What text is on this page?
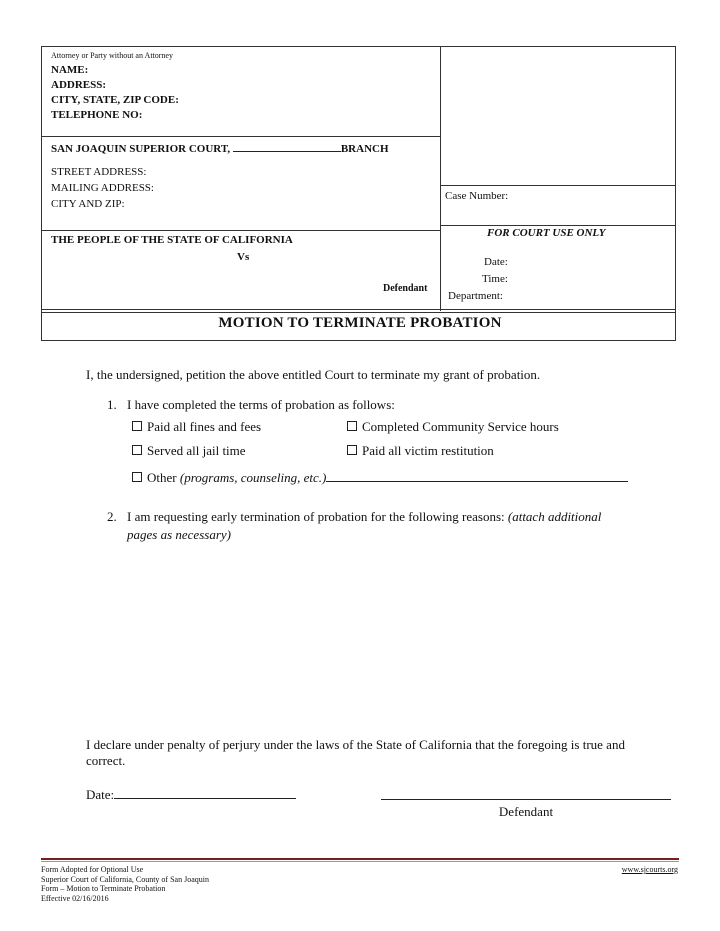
Attorney or Party without an Attorney
NAME:
ADDRESS:
CITY, STATE, ZIP CODE:
TELEPHONE NO:
SAN JOAQUIN SUPERIOR COURT,	BRANCH
STREET ADDRESS:
MAILING ADDRESS:
CITY AND ZIP:
Case Number:
FOR COURT USE ONLY
Date:
Time:
Department:
THE PEOPLE OF THE STATE OF CALIFORNIA
Vs
Defendant
MOTION TO TERMINATE PROBATION
I, the undersigned, petition the above entitled Court to terminate my grant of probation.
1. I have completed the terms of probation as follows:
Paid all fines and fees	Completed Community Service hours
Served all jail time	Paid all victim restitution
Other (programs, counseling, etc.)
2. I am requesting early termination of probation for the following reasons: (attach additional
pages as necessary)
I declare under penalty of perjury under the laws of the State of California that the foregoing is true and
correct.
Date:
Defendant
Form Adopted for Optional Use
Superior Court of California, County of San Joaquin
Form – Motion to Terminate Probation
Effective 02/16/2016
www.sjcourts.org
